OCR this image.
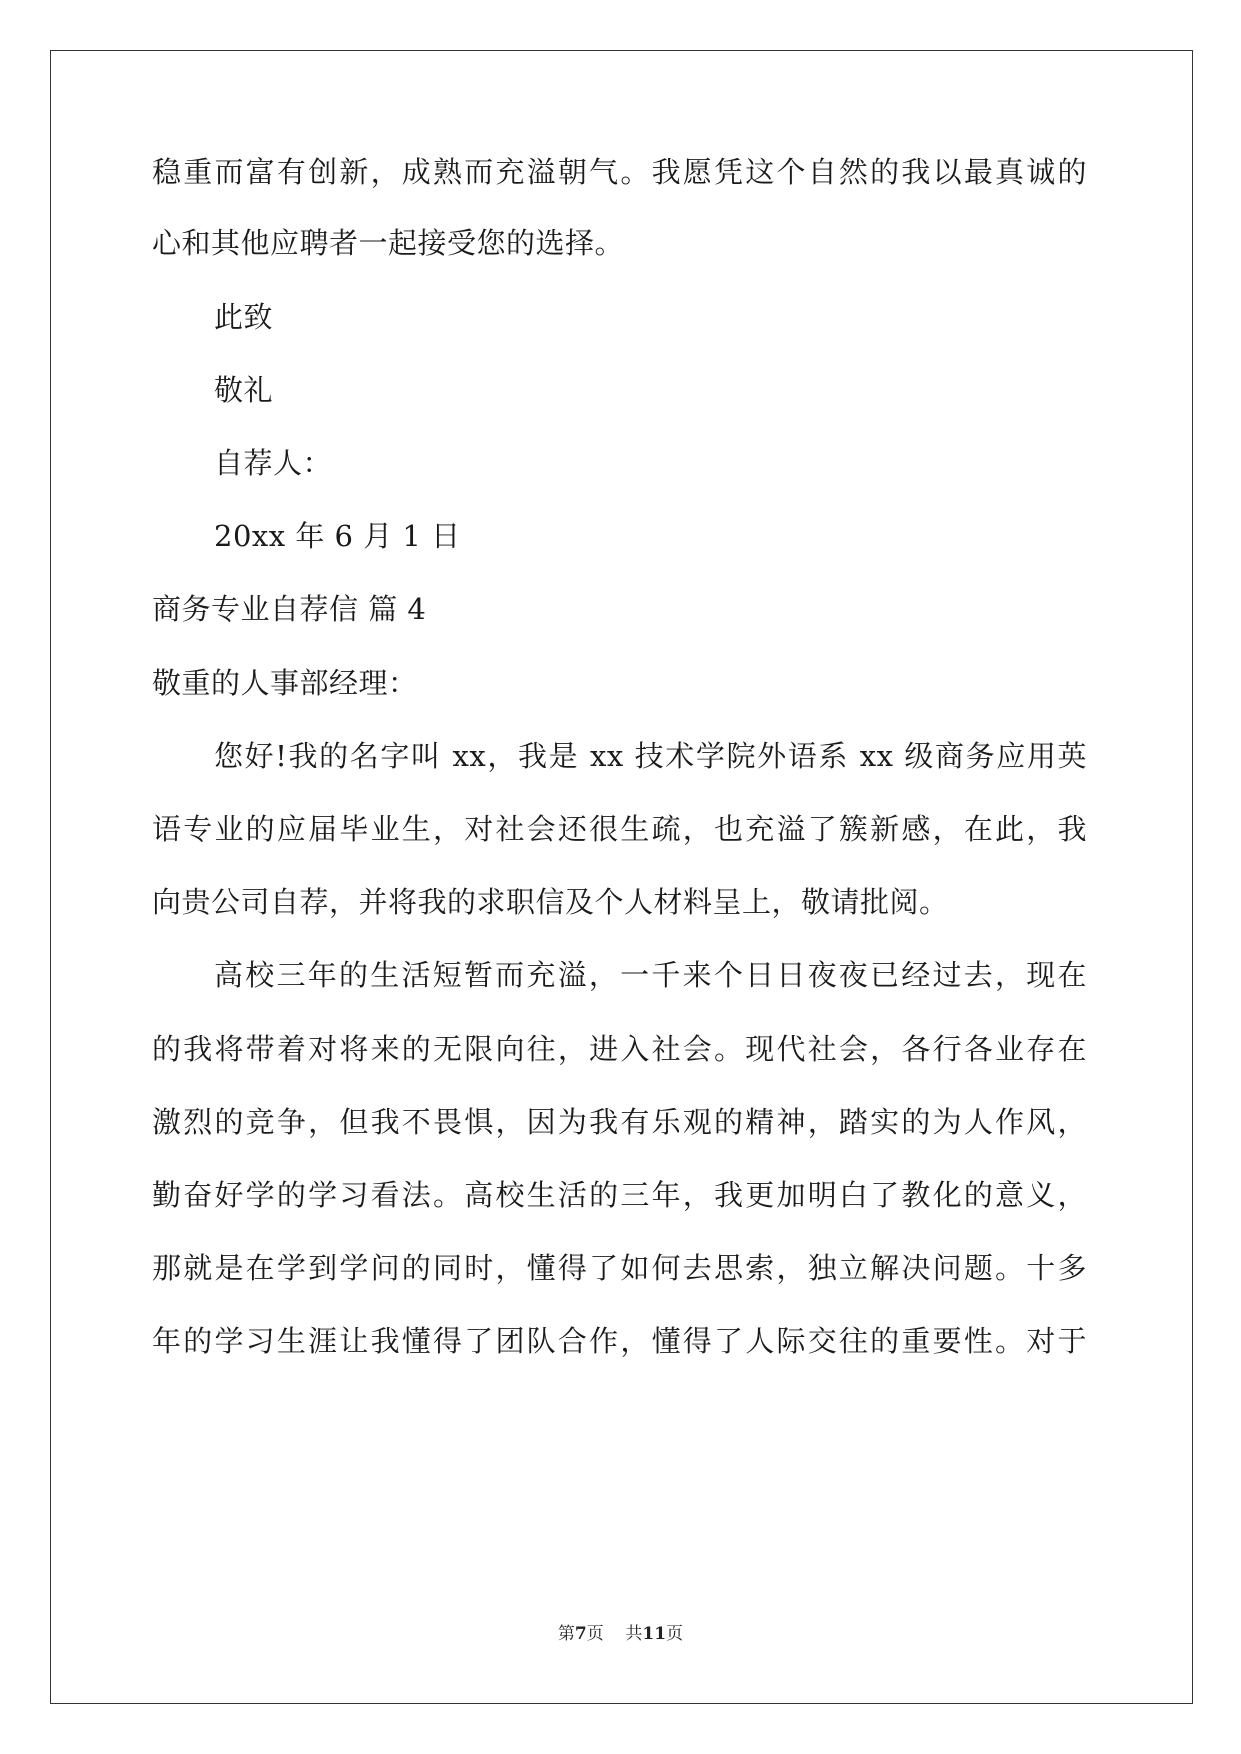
稳重而富有创新，成熟而充溢朝气。我愿凭这个自然的我以最真诚的
心和其他应聘者一起接受您的选择。
此致
敬礼
自荐人：
20xx 年 6 月 1 日
商务专业自荐信 篇 4
敬重的人事部经理：
您好!我的名字叫 xx，我是 xx 技术学院外语系 xx 级商务应用英
语专业的应届毕业生，对社会还很生疏，也充溢了簇新感，在此，我
向贵公司自荐，并将我的求职信及个人材料呈上，敬请批阅。
高校三年的生活短暂而充溢，一千来个日日夜夜已经过去，现在
的我将带着对将来的无限向往，进入社会。现代社会，各行各业存在
激烈的竞争，但我不畏惧，因为我有乐观的精神，踏实的为人作风，
勤奋好学的学习看法。高校生活的三年，我更加明白了教化的意义，
那就是在学到学问的同时，懂得了如何去思索，独立解决问题。十多
年的学习生涯让我懂得了团队合作，懂得了人际交往的重要性。对于
第7页    共11页
